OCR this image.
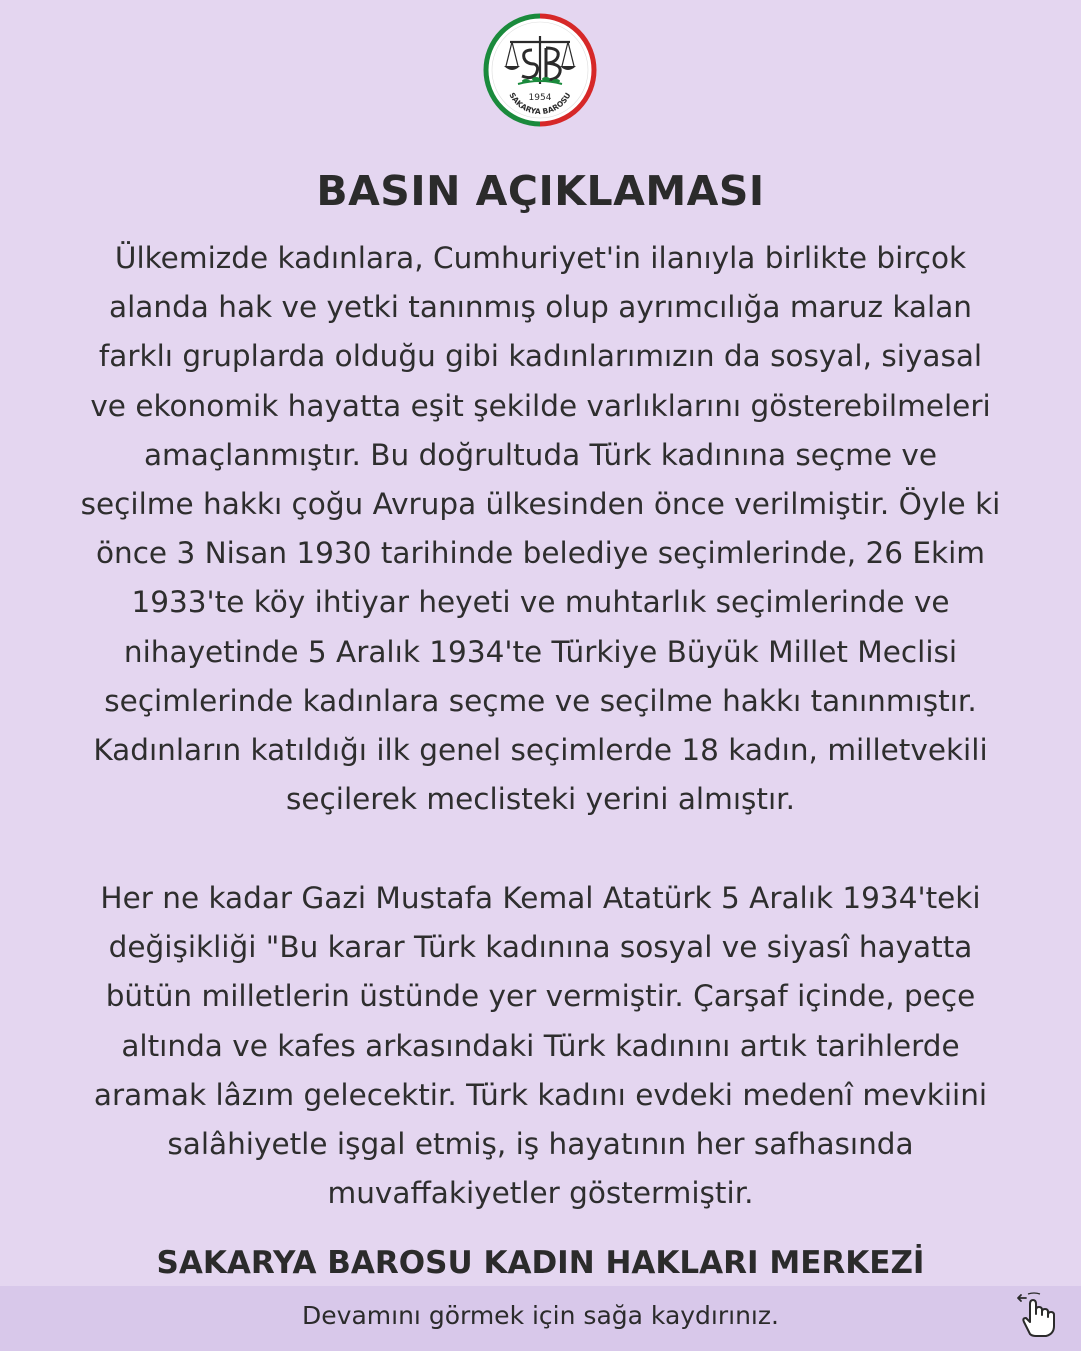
1954
SAKARYA BAROSU
BASIN AÇIKLAMASI
Ülkemizde kadınlara, Cumhuriyet'in ilanıyla birlikte birçok
alanda hak ve yetki tanınmış olup ayrımcılığa maruz kalan
farklı gruplarda olduğu gibi kadınlarımızın da sosyal, siyasal
ve ekonomik hayatta eşit şekilde varlıklarını gösterebilmeleri
amaçlanmıştır. Bu doğrultuda Türk kadınına seçme ve
seçilme hakkı çoğu Avrupa ülkesinden önce verilmiştir. Öyle ki
önce 3 Nisan 1930 tarihinde belediye seçimlerinde, 26 Ekim
1933'te köy ihtiyar heyeti ve muhtarlık seçimlerinde ve
nihayetinde 5 Aralık 1934'te Türkiye Büyük Millet Meclisi
seçimlerinde kadınlara seçme ve seçilme hakkı tanınmıştır.
Kadınların katıldığı ilk genel seçimlerde 18 kadın, milletvekili
seçilerek meclisteki yerini almıştır.
Her ne kadar Gazi Mustafa Kemal Atatürk 5 Aralık 1934'teki
değişikliği "Bu karar Türk kadınına sosyal ve siyasî hayatta
bütün milletlerin üstünde yer vermiştir. Çarşaf içinde, peçe
altında ve kafes arkasındaki Türk kadınını artık tarihlerde
aramak lâzım gelecektir. Türk kadını evdeki medenî mevkiini
salâhiyetle işgal etmiş, iş hayatının her safhasında
muvaffakiyetler göstermiştir.
SAKARYA BAROSU KADIN HAKLARI MERKEZİ
Devamını görmek için sağa kaydırınız.
